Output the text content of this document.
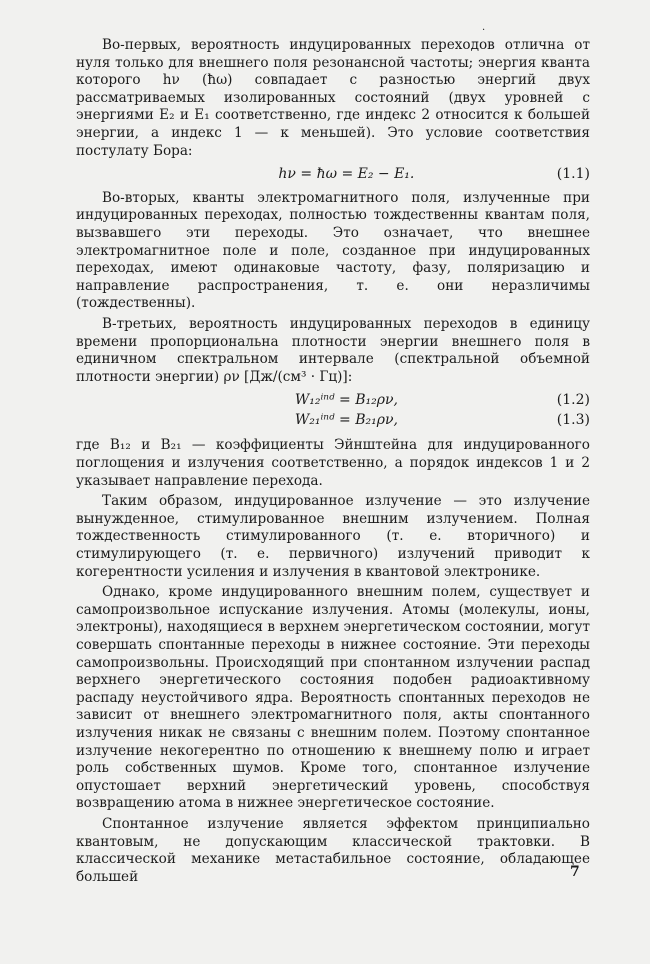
.

Во-первых, вероятность индуцированных переходов отлична от нуля только для внешнего поля резонансной частоты; энергия кванта которого hν (ħω) совпадает с разностью энергий двух рассматриваемых изолированных состояний (двух уровней с энергиями E₂ и E₁ соответственно, где индекс 2 относится к большей энергии, а индекс 1 — к меньшей). Это условие соответствия постулату Бора:

hν = ħω = E₂ − E₁.	(1.1)

Во-вторых, кванты электромагнитного поля, излученные при индуцированных переходах, полностью тождественны квантам поля, вызвавшего эти переходы. Это означает, что внешнее электромагнитное поле и поле, созданное при индуцированных переходах, имеют одинаковые частоту, фазу, поляризацию и направление распространения, т. е. они неразличимы (тождественны).

В-третьих, вероятность индуцированных переходов в единицу времени пропорциональна плотности энергии внешнего поля в единичном спектральном интервале (спектральной объемной плотности энергии) ρν [Дж/(см³ · Гц)]:

W₁₂ⁱⁿᵈ = B₁₂ρν,	(1.2)
W₂₁ⁱⁿᵈ = B₂₁ρν,	(1.3)

где B₁₂ и B₂₁ — коэффициенты Эйнштейна для индуцированного поглощения и излучения соответственно, а порядок индексов 1 и 2 указывает направление перехода.

Таким образом, индуцированное излучение — это излучение вынужденное, стимулированное внешним излучением. Полная тождественность стимулированного (т. е. вторичного) и стимулирующего (т. е. первичного) излучений приводит к когерентности усиления и излучения в квантовой электронике.

Однако, кроме индуцированного внешним полем, существует и самопроизвольное испускание излучения. Атомы (молекулы, ионы, электроны), находящиеся в верхнем энергетическом состоянии, могут совершать спонтанные переходы в нижнее состояние. Эти переходы самопроизвольны. Происходящий при спонтанном излучении распад верхнего энергетического состояния подобен радиоактивному распаду неустойчивого ядра. Вероятность спонтанных переходов не зависит от внешнего электромагнитного поля, акты спонтанного излучения никак не связаны с внешним полем. Поэтому спонтанное излучение некогерентно по отношению к внешнему полю и играет роль собственных шумов. Кроме того, спонтанное излучение опустошает верхний энергетический уровень, способствуя возвращению атома в нижнее энергетическое состояние.

Спонтанное излучение является эффектом принципиально квантовым, не допускающим классической трактовки. В классической механике метастабильное состояние, обладающее большей	7
